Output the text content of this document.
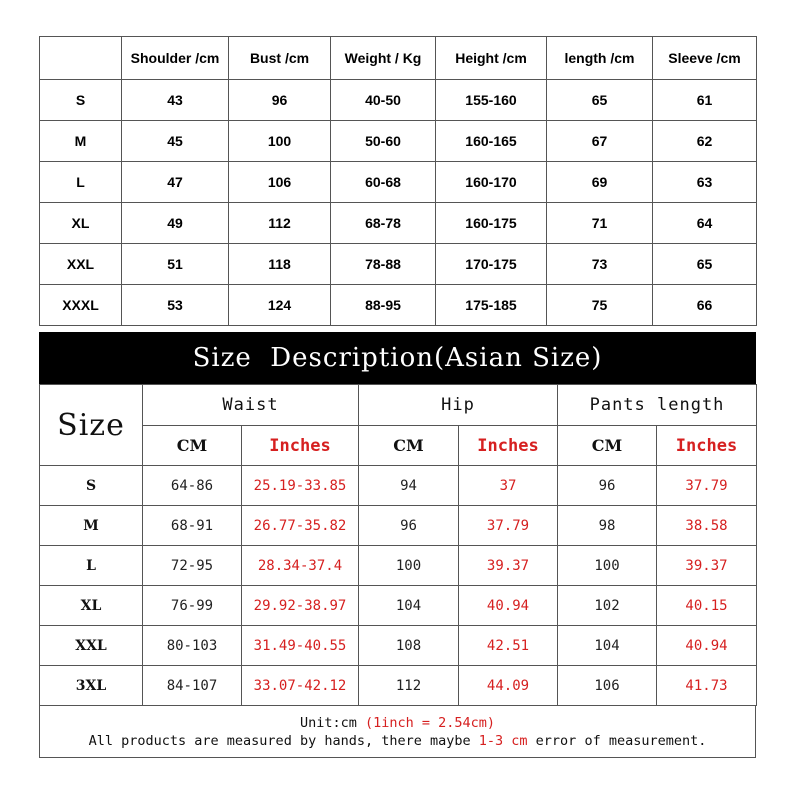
	Shoulder /cm	Bust /cm	Weight / Kg	Height /cm	length /cm	Sleeve /cm
S	43	96	40-50	155-160	65	61
M	45	100	50-60	160-165	67	62
L	47	106	60-68	160-170	69	63
XL	49	112	68-78	160-175	71	64
XXL	51	118	78-88	170-175	73	65
XXXL	53	124	88-95	175-185	75	66
Size  Description(Asian Size)
Size	Waist		Hip		Pants length	
	CM	Inches	CM	Inches	CM	Inches
S	64-86	25.19-33.85	94	37	96	37.79
M	68-91	26.77-35.82	96	37.79	98	38.58
L	72-95	28.34-37.4	100	39.37	100	39.37
XL	76-99	29.92-38.97	104	40.94	102	40.15
XXL	80-103	31.49-40.55	108	42.51	104	40.94
3XL	84-107	33.07-42.12	112	44.09	106	41.73
Unit:cm (1inch = 2.54cm)
All products are measured by hands, there maybe 1-3 cm error of measurement.
